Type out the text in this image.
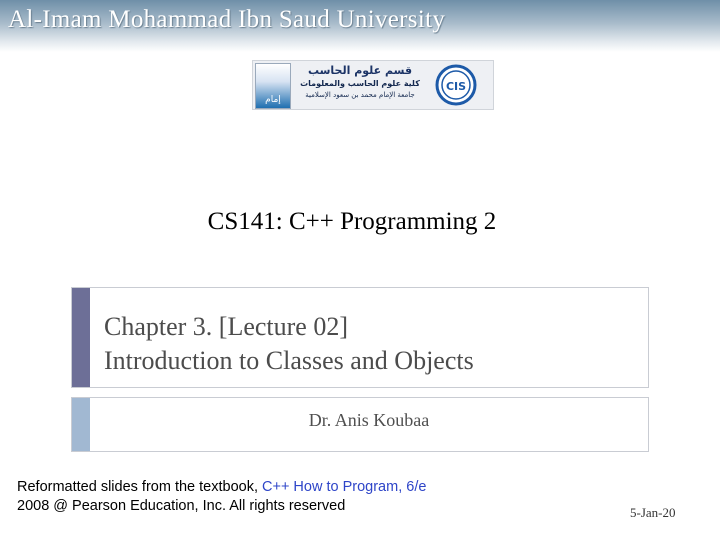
Al-Imam Mohammad Ibn Saud University
إمام
قسم علوم الحاسب
كلية علوم الحاسب والمعلومات
جامعة الإمام محمد بن سعود الإسلامية
CIS
CS141: C++ Programming 2
Chapter 3. [Lecture 02]
Introduction to Classes and Objects
Dr. Anis Koubaa
Reformatted slides from the textbook, C++ How to Program, 6/e
2008 @ Pearson Education, Inc. All rights reserved	5-Jan-20
